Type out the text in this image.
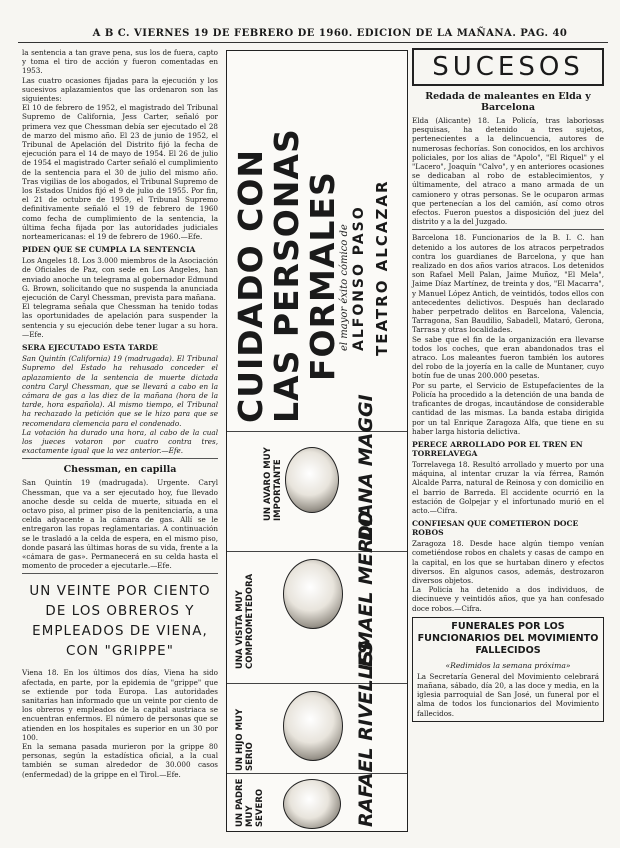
A B C. VIERNES 19 DE FEBRERO DE 1960. EDICION DE LA MAÑANA. PAG. 40

la sentencia a tan grave pena, sus los de fuera, capto y toma el tiro de acción y fueron comentadas en 1953.

Las cuatro ocasiones fijadas para la ejecución y los sucesivos aplazamientos que las ordenaron son las siguientes:

El 10 de febrero de 1952, el magistrado del Tribunal Supremo de California, Jess Carter, señaló por primera vez que Chessman debía ser ejecutado el 28 de marzo del mismo año. El 23 de junio de 1952, el Tribunal de Apelación del Distrito fijó la fecha de ejecución para el 14 de mayo de 1954. El 26 de julio de 1954 el magistrado Carter señaló el cumplimiento de la sentencia para el 30 de julio del mismo año. Tras vigilias de los abogados, el Tribunal Supremo de los Estados Unidos fijó el 9 de julio de 1955. Por fin, el 21 de octubre de 1959, el Tribunal Supremo definitivamente señaló el 19 de febrero de 1960 como fecha de cumplimiento de la sentencia, la última fecha fijada por las autoridades judiciales norteamericanas: el 19 de febrero de 1960.—Efe.

PIDEN QUE SE CUMPLA LA SENTENCIA

Los Angeles 18. Los 3.000 miembros de la Asociación de Oficiales de Paz, con sede en Los Angeles, han enviado anoche un telegrama al gobernador Edmund G. Brown, solicitando que no suspenda la anunciada ejecución de Caryl Chessman, prevista para mañana.

El telegrama señala que Chessman ha tenido todas las oportunidades de apelación para suspender la sentencia y su ejecución debe tener lugar a su hora.—Efe.

SERA EJECUTADO ESTA TARDE

San Quintín (California) 19 (madrugada). El Tribunal Supremo del Estado ha rehusado conceder el aplazamiento de la sentencia de muerte dictada contra Caryl Chessman, que se llevará a cabo en la cámara de gas a las diez de la mañana (hora de la tarde, hora española). Al mismo tiempo, el Tribunal ha rechazado la petición que se le hizo para que se recomendara clemencia para el condenado.

La votación ha durado una hora, al cabo de la cual los jueces votaron por cuatro contra tres, exactamente igual que la vez anterior.—Efe.

Chessman, en capilla

San Quintín 19 (madrugada). Urgente. Caryl Chessman, que va a ser ejecutado hoy, fue llevado anoche desde su celda de muerte, situada en el octavo piso, al primer piso de la penitenciaría, a una celda adyacente a la cámara de gas. Allí se le entregaron las ropas reglamentarias. A continuación se le trasladó a la celda de espera, en el mismo piso, donde pasará las últimas horas de su vida, frente a la «cámara de gas». Permanecerá en su celda hasta el momento de proceder a ejecutarle.—Efe.

UN VEINTE POR CIENTO DE LOS OBREROS Y EMPLEADOS DE VIENA, CON "GRIPPE"

Viena 18. En los últimos dos días, Viena ha sido afectada, en parte, por la epidemia de "grippe" que se extiende por toda Europa. Las autoridades sanitarias han informado que un veinte por ciento de los obreros y empleados de la capital austriaca se encuentran enfermos. El número de personas que se atienden en los hospitales es superior en un 30 por 100.

En la semana pasada murieron por la grippe 80 personas, según la estadística oficial, a la cual también se suman alrededor de 30.000 casos (enfermedad) de la grippe en el Tirol.—Efe.

CUIDADO CON
LAS PERSONAS
FORMALES
el mayor éxito cómico de ALFONSO PASO TEATRO ALCAZAR
UN AVARO MUY IMPORTANTE	DIANA MAGGI
UNA VISITA MUY COMPROMETEDORA	ISMAEL MERLO
UN HIJO MUY SERIO	RAFAEL RIVELLES
UN PADRE MUY SEVERO
SUCESOS
Redada de maleantes en Elda y Barcelona

Elda (Alicante) 18. La Policía, tras laboriosas pesquisas, ha detenido a tres sujetos, pertenecientes a la delincuencia, autores de numerosas fechorías. Son conocidos, en los archivos policiales, por los alias de "Apolo", "El Riquel" y el "Lacero", Joaquín "Calvo", y en anteriores ocasiones se dedicaban al robo de establecimientos, y últimamente, del atraco a mano armada de un camionero y otras personas. Se le ocuparon armas que pertenecían a los del camión, así como otros efectos. Fueron puestos a disposición del juez del distrito y a la del Juzgado.

Barcelona 18. Funcionarios de la B. I. C. han detenido a los autores de los atracos perpetrados contra los guardianes de Barcelona, y que han realizado en dos años varios atracos. Los detenidos son Rafael Mell Palan, Jaime Muñoz, "El Mela", Jaime Díaz Martínez, de treinta y dos, "El Macarra", y Manuel López Antich, de veintidós, todos ellos con antecedentes delictivos. Después han declarado haber perpetrado delitos en Barcelona, Valencia, Tarragona, San Baudilio, Sabadell, Mataró, Gerona, Tarrasa y otras localidades.

Se sabe que el fin de la organización era llevarse todos los coches, que eran abandonados tras el atraco. Los maleantes fueron también los autores del robo de la joyería en la calle de Muntaner, cuyo botín fue de unas 200.000 pesetas.

Por su parte, el Servicio de Estupefacientes de la Policía ha procedido a la detención de una banda de traficantes de drogas, incautándose de considerable cantidad de las mismas. La banda estaba dirigida por un tal Enrique Zaragoza Alfa, que tiene en su haber larga historia delictiva.

PERECE ARROLLADO POR EL TREN EN TORRELAVEGA

Torrelavega 18. Resultó arrollado y muerto por una máquina, al intentar cruzar la vía férrea, Ramón Alcalde Parra, natural de Reinosa y con domicilio en el barrio de Barreda. El accidente ocurrió en la estación de Golpejar y el infortunado murió en el acto.—Cifra.

CONFIESAN QUE COMETIERON DOCE ROBOS

Zaragoza 18. Desde hace algún tiempo venían cometiéndose robos en chalets y casas de campo en la capital, en los que se hurtaban dinero y efectos diversos. En algunos casos, además, destrozaron diversos objetos.

La Policía ha detenido a dos individuos, de diecinueve y veintidós años, que ya han confesado doce robos.—Cifra.

FUNERALES POR LOS FUNCIONARIOS DEL MOVIMIENTO FALLECIDOS
«Redimidos la semana próxima»

La Secretaría General del Movimiento celebrará mañana, sábado, día 20, a las doce y media, en la iglesia parroquial de San José, un funeral por el alma de todos los funcionarios del Movimiento fallecidos.
